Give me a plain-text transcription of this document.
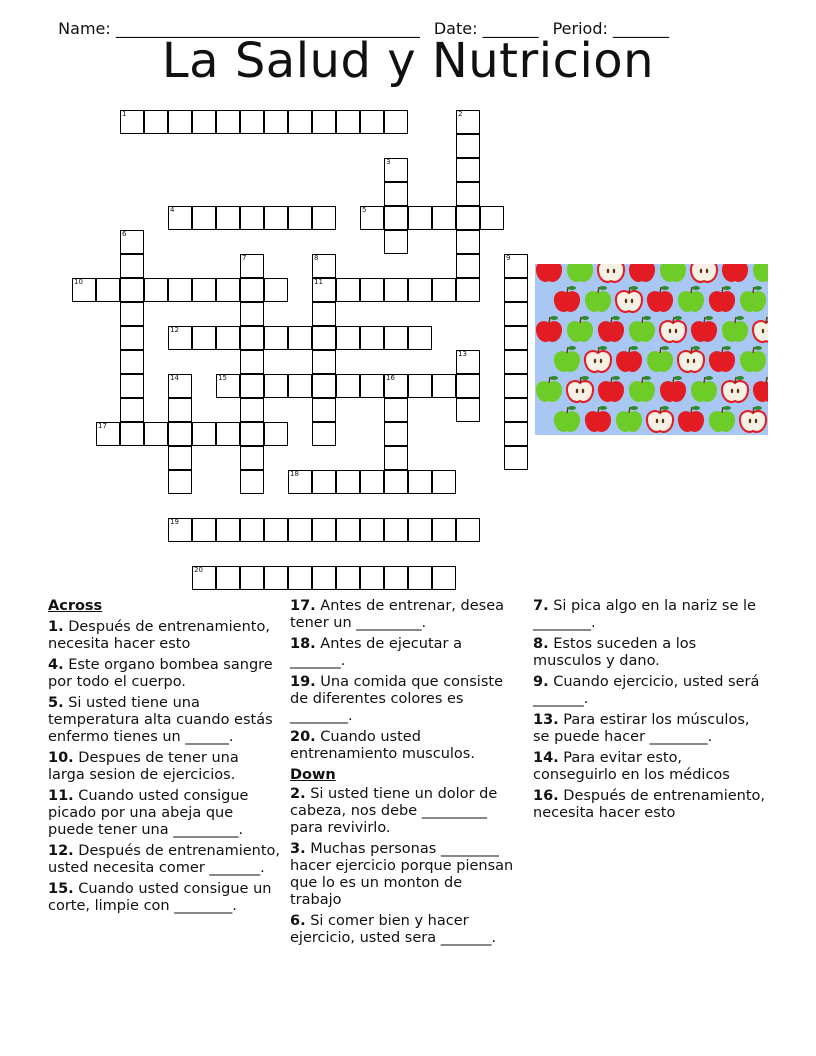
Name: ______________________________________ Date: _______ Period: _______

La Salud y Nutricion
1	2
3
4	5
6
7	8
11
9
10
12
13
14	15	16
17
18
19
20
Across
1. Después de entrenamiento, necesita hacer esto
4. Este organo bombea sangre por todo el cuerpo.
5. Si usted tiene una temperatura alta cuando estás enfermo tienes un ______.
10. Despues de tener una larga sesion de ejercicios.
11. Cuando usted consigue picado por una abeja que puede tener una _________.
12. Después de entrenamiento, usted necesita comer _______.
15. Cuando usted consigue un corte, limpie con ________.
17. Antes de entrenar, desea tener un _________.
18. Antes de ejecutar a _______.
19. Una comida que consiste de diferentes colores es ________.
20. Cuando usted entrenamiento musculos.
Down
2. Si usted tiene un dolor de cabeza, nos debe _________ para revivirlo.
3. Muchas personas ________ hacer ejercicio porque piensan que lo es un monton de trabajo
6. Si comer bien y hacer ejercicio, usted sera _______.
7. Si pica algo en la nariz se le ________.
8. Estos suceden a los musculos y dano.
9. Cuando ejercicio, usted será _______.
13. Para estirar los músculos, se puede hacer ________.
14. Para evitar esto, conseguirlo en los médicos
16. Después de entrenamiento, necesita hacer esto
